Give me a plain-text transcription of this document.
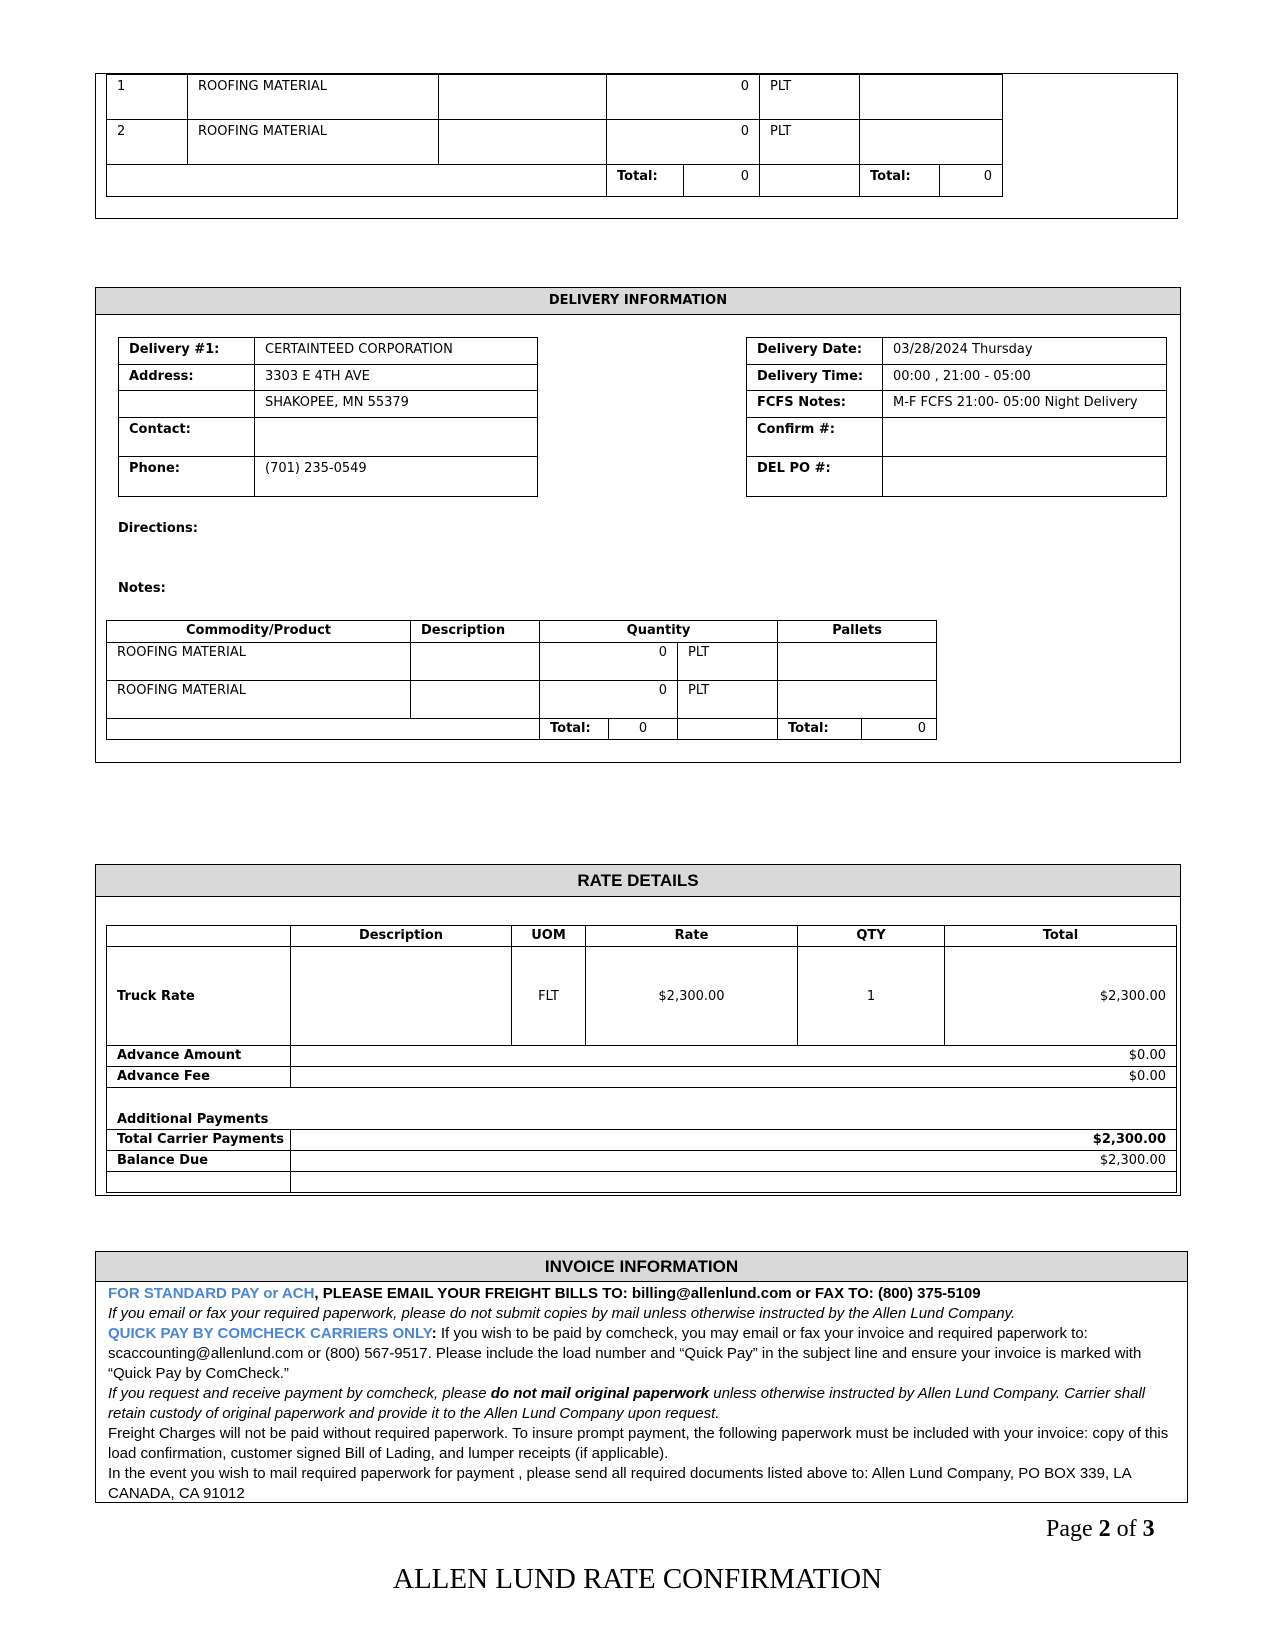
1	ROOFING MATERIAL		0		PLT		
2	ROOFING MATERIAL		0		PLT		
			Total:	0		Total:	0
DELIVERY INFORMATION
Delivery #1:	CERTAINTEED CORPORATION
Address:	3303 E 4TH AVE
	SHAKOPEE, MN 55379
Contact:	
Phone:	(701) 235-0549
Delivery Date:	03/28/2024 Thursday
Delivery Time:	00:00 , 21:00 - 05:00
FCFS Notes:	M-F FCFS 21:00- 05:00 Night Delivery
Confirm #:	
DEL PO #:	
Directions:
Notes:
Commodity/Product	Description	Quantity			Pallets	
ROOFING MATERIAL		0		PLT		
ROOFING MATERIAL		0		PLT		
		Total:	0		Total:	0
RATE DETAILS
	Description	UOM	Rate	QTY	Total
Truck Rate		FLT	$2,300.00	1	$2,300.00
Advance Amount	$0.00				
Advance Fee	$0.00				
Additional Payments					
Total Carrier Payments	$2,300.00				
Balance Due	$2,300.00				

INVOICE INFORMATION

FOR STANDARD PAY or ACH, PLEASE EMAIL YOUR FREIGHT BILLS TO: billing@allenlund.com or FAX TO: (800) 375-5109

If you email or fax your required paperwork, please do not submit copies by mail unless otherwise instructed by the Allen Lund Company.

QUICK PAY BY COMCHECK CARRIERS ONLY: If you wish to be paid by comcheck, you may email or fax your invoice and required paperwork to: scaccounting@allenlund.com or (800) 567-9517. Please include the load number and “Quick Pay” in the subject line and ensure your invoice is marked with “Quick Pay by ComCheck.”

If you request and receive payment by comcheck, please do not mail original paperwork unless otherwise instructed by Allen Lund Company. Carrier shall retain custody of original paperwork and provide it to the Allen Lund Company upon request.

Freight Charges will not be paid without required paperwork. To insure prompt payment, the following paperwork must be included with your invoice: copy of this load confirmation, customer signed Bill of Lading, and lumper receipts (if applicable).

In the event you wish to mail required paperwork for payment , please send all required documents listed above to: Allen Lund Company, PO BOX 339, LA CANADA, CA 91012

Page 2 of 3
ALLEN LUND RATE CONFIRMATION
